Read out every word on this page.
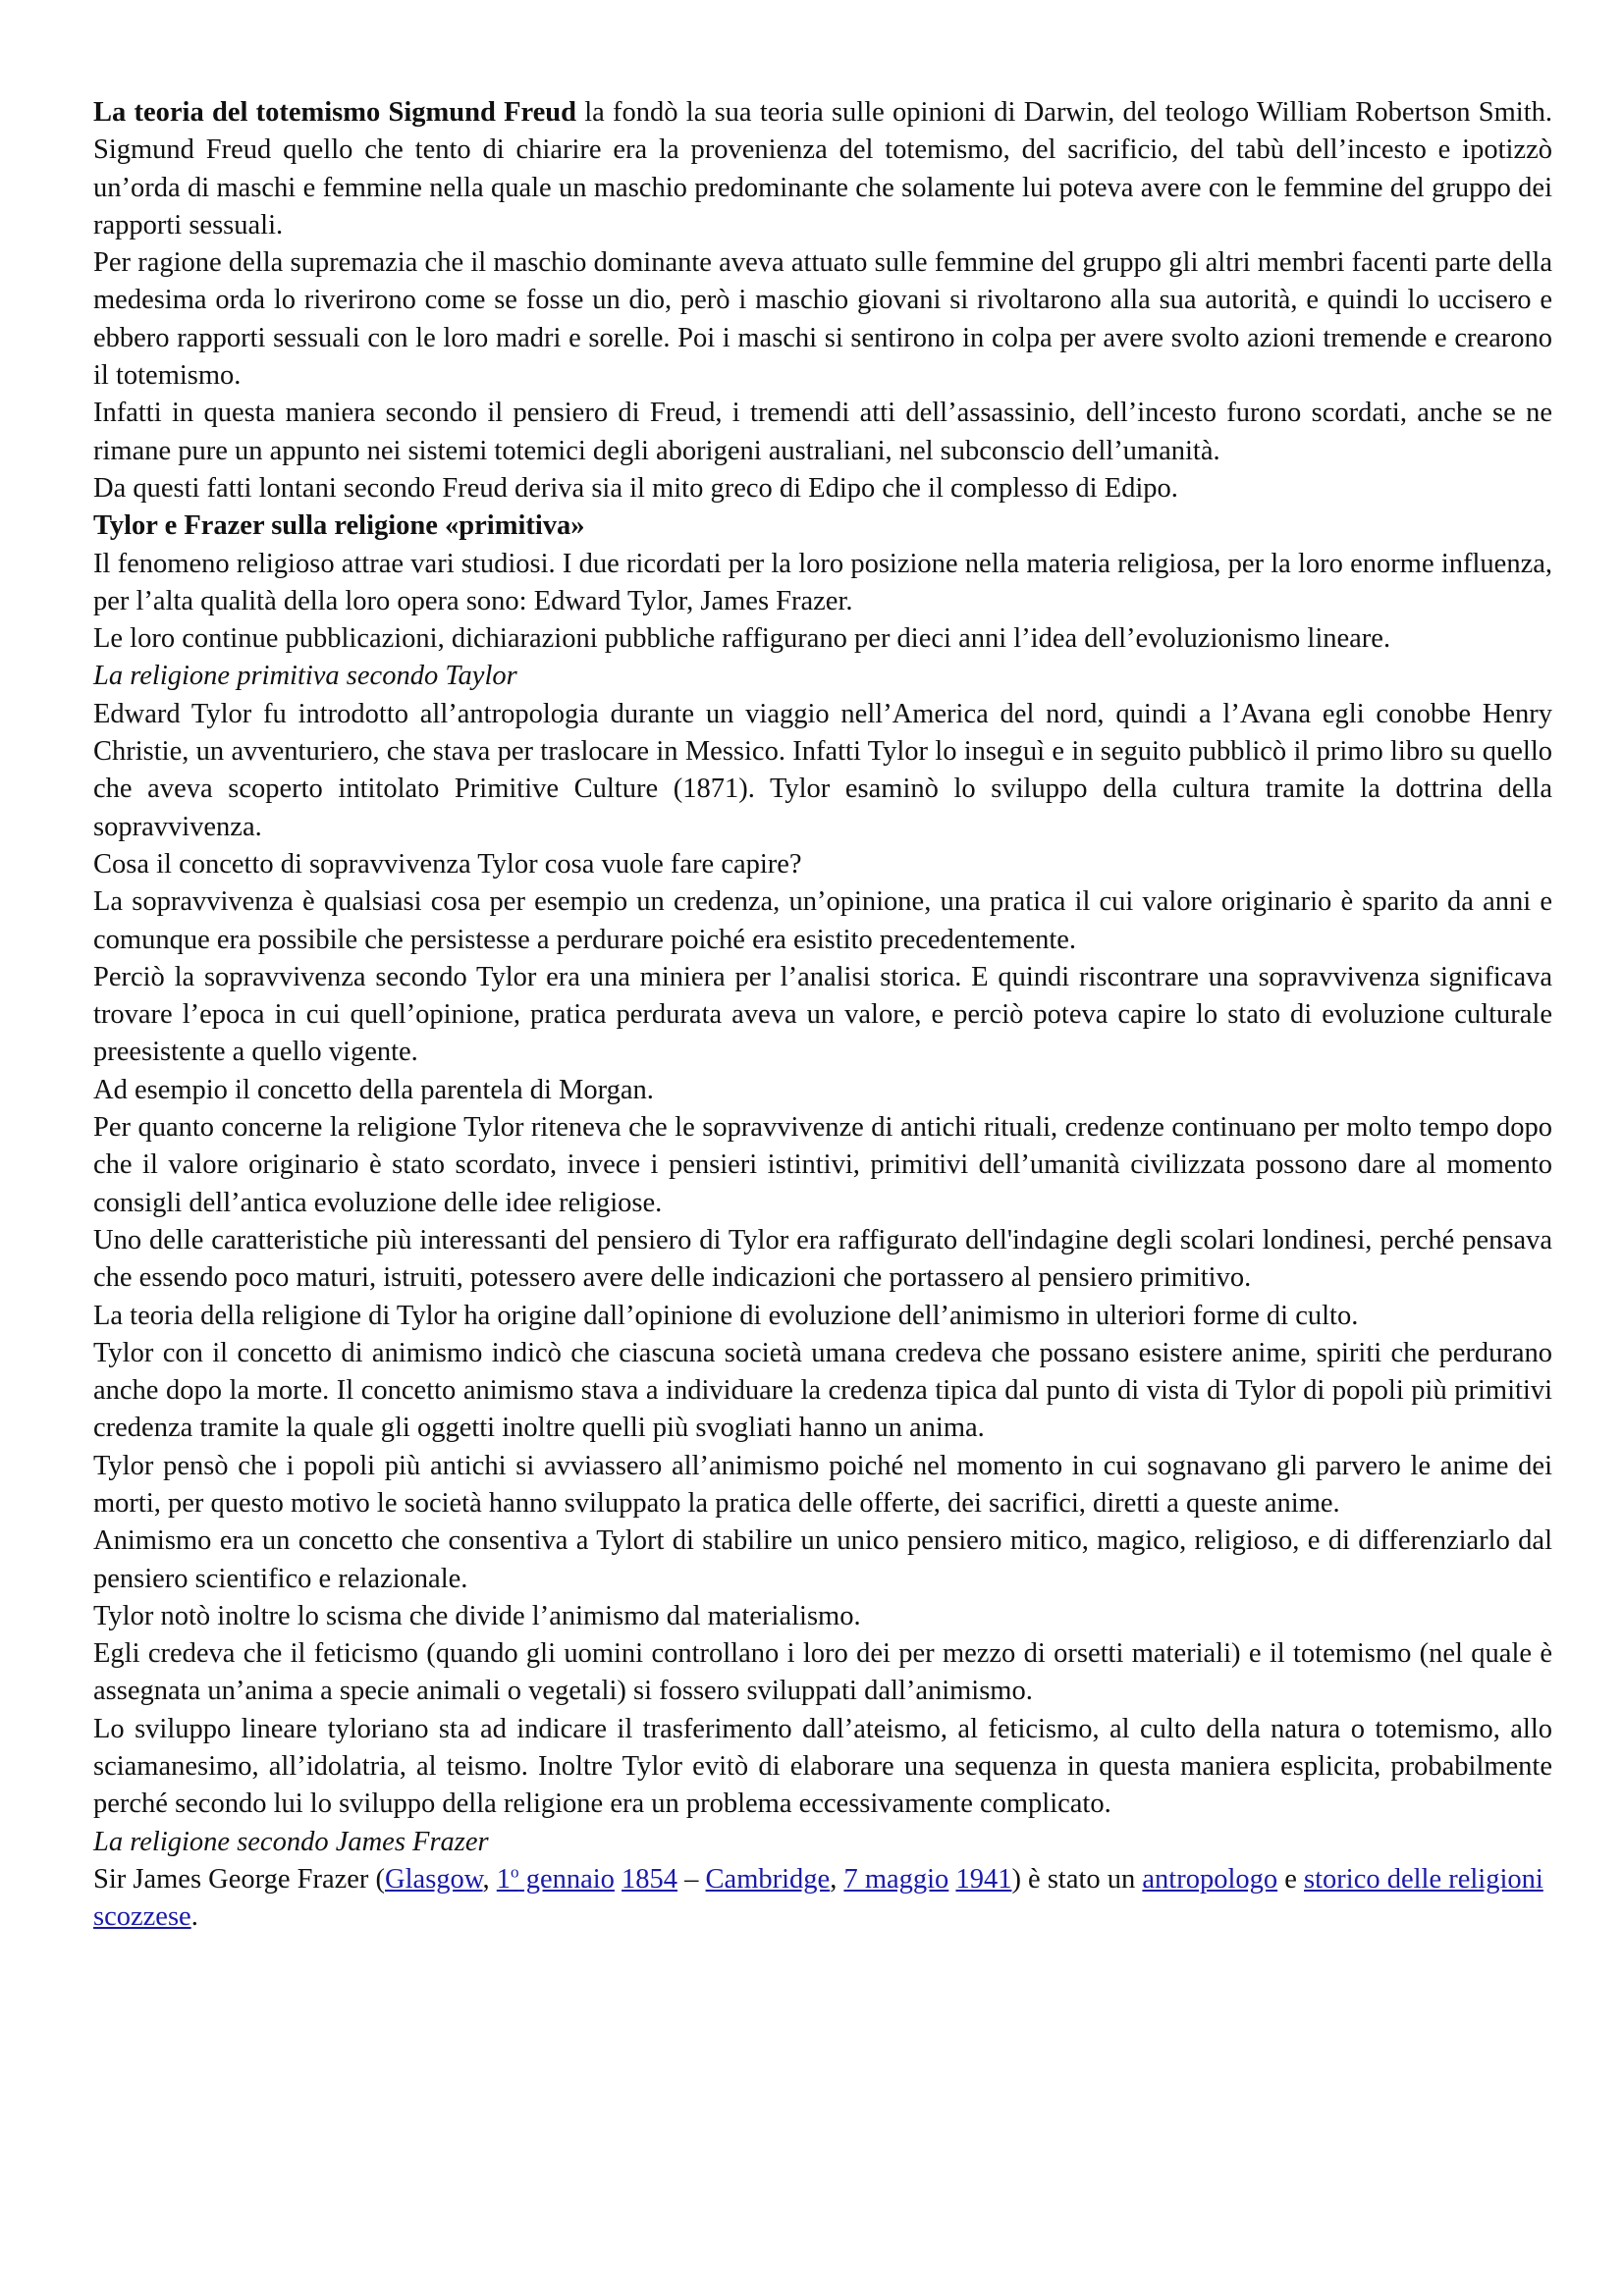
La teoria del totemismo Sigmund Freud la fondò la sua teoria sulle opinioni di Darwin, del teologo William Robertson Smith. Sigmund Freud quello che tento di chiarire era la provenienza del totemismo, del sacrificio, del tabù dell’incesto e ipotizzò un’orda di maschi e femmine nella quale un maschio predominante che solamente lui poteva avere con le femmine del gruppo dei rapporti sessuali.

Per ragione della supremazia che il maschio dominante aveva attuato sulle femmine del gruppo gli altri membri facenti parte della medesima orda lo riverirono come se fosse un dio, però i maschio giovani si rivoltarono alla sua autorità, e quindi lo uccisero e ebbero rapporti sessuali con le loro madri e sorelle. Poi i maschi si sentirono in colpa per avere svolto azioni tremende e crearono il totemismo.

Infatti in questa maniera secondo il pensiero di Freud, i tremendi atti dell’assassinio, dell’incesto furono scordati, anche se ne rimane pure un appunto nei sistemi totemici degli aborigeni australiani, nel subconscio dell’umanità.

Da questi fatti lontani secondo Freud deriva sia il mito greco di Edipo che il complesso di Edipo.

Tylor e Frazer sulla religione «primitiva»

Il fenomeno religioso attrae vari studiosi. I due ricordati per la loro posizione nella materia religiosa, per la loro enorme influenza, per l’alta qualità della loro opera sono: Edward Tylor, James Frazer.

Le loro continue pubblicazioni, dichiarazioni pubbliche raffigurano per dieci anni l’idea dell’evoluzionismo lineare.

La religione primitiva secondo Taylor

Edward Tylor fu introdotto all’antropologia durante un viaggio nell’America del nord, quindi a l’Avana egli conobbe Henry Christie, un avventuriero, che stava per traslocare in Messico. Infatti Tylor lo inseguì e in seguito pubblicò il primo libro su quello che aveva scoperto intitolato Primitive Culture (1871). Tylor esaminò lo sviluppo della cultura tramite la dottrina della sopravvivenza.

Cosa il concetto di sopravvivenza Tylor cosa vuole fare capire?

La sopravvivenza è qualsiasi cosa per esempio un credenza, un’opinione, una pratica il cui valore originario è sparito da anni e comunque era possibile che persistesse a perdurare poiché era esistito precedentemente.

Perciò la sopravvivenza secondo Tylor era una miniera per l’analisi storica. E quindi riscontrare una sopravvivenza significava trovare l’epoca in cui quell’opinione, pratica perdurata aveva un valore, e perciò poteva capire lo stato di evoluzione culturale preesistente a quello vigente.

Ad esempio il concetto della parentela di Morgan.

Per quanto concerne la religione Tylor riteneva che le sopravvivenze di antichi rituali, credenze continuano per molto tempo dopo che il valore originario è stato scordato, invece i pensieri istintivi, primitivi dell’umanità civilizzata possono dare al momento consigli dell’antica evoluzione delle idee religiose.

Uno delle caratteristiche più interessanti del pensiero di Tylor era raffigurato dell'indagine degli scolari londinesi, perché pensava che essendo poco maturi, istruiti, potessero avere delle indicazioni che portassero al pensiero primitivo.

La teoria della religione di Tylor ha origine dall’opinione di evoluzione dell’animismo in ulteriori forme di culto.

Tylor con il concetto di animismo indicò che ciascuna società umana credeva che possano esistere anime, spiriti che perdurano anche dopo la morte. Il concetto animismo stava a individuare la credenza tipica dal punto di vista di Tylor di popoli più primitivi credenza tramite la quale gli oggetti inoltre quelli più svogliati hanno un anima.

Tylor pensò che i popoli più antichi si avviassero all’animismo poiché nel momento in cui sognavano gli parvero le anime dei morti, per questo motivo le società hanno sviluppato la pratica delle offerte, dei sacrifici, diretti a queste anime.

Animismo era un concetto che consentiva a Tylort di stabilire un unico pensiero mitico, magico, religioso, e di differenziarlo dal pensiero scientifico e relazionale.

Tylor notò inoltre lo scisma che divide l’animismo dal materialismo.

Egli credeva che il feticismo (quando gli uomini controllano i loro dei per mezzo di orsetti materiali) e il totemismo (nel quale è assegnata un’anima a specie animali o vegetali) si fossero sviluppati dall’animismo.

Lo sviluppo lineare tyloriano sta ad indicare il trasferimento dall’ateismo, al feticismo, al culto della natura o totemismo, allo sciamanesimo, all’idolatria, al teismo. Inoltre Tylor evitò di elaborare una sequenza in questa maniera esplicita, probabilmente perché secondo lui lo sviluppo della religione era un problema eccessivamente complicato.

La religione secondo James Frazer

Sir James George Frazer (Glasgow, 1$^o$ gennaio 1854 – Cambridge, 7 maggio 1941) è stato un antropologo e storico delle religioni scozzese.
